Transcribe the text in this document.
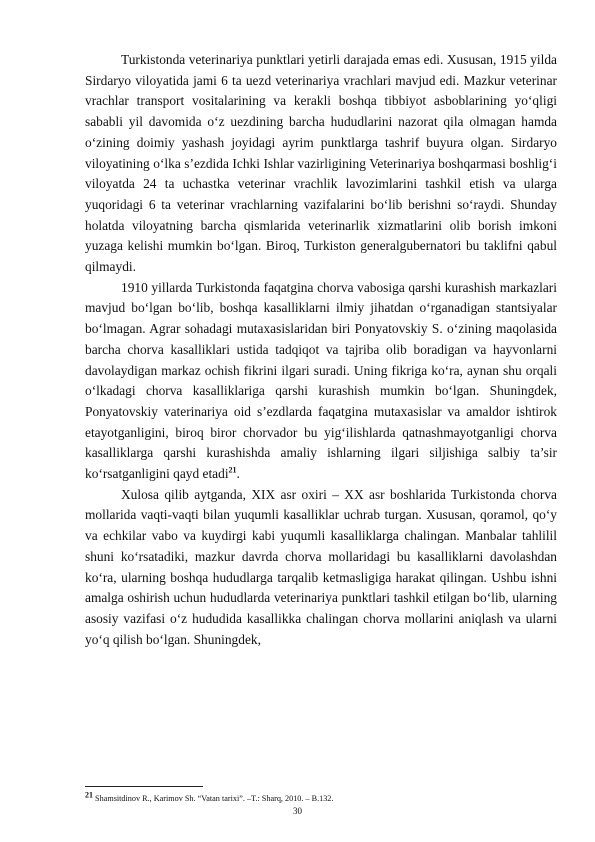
Turkistonda veterinariya punktlari yetirli darajada emas edi. Xususan, 1915 yilda Sirdaryo viloyatida jami 6 ta uezd veterinariya vrachlari mavjud edi. Mazkur veterinar vrachlar transport vositalarining va kerakli boshqa tibbiyot asboblarining yo‘qligi sababli yil davomida o‘z uezdining barcha hududlarini nazorat qila olmagan hamda o‘zining doimiy yashash joyidagi ayrim punktlarga tashrif buyura olgan. Sirdaryo viloyatining o‘lka s’ezdida Ichki Ishlar vazirligining Veterinariya boshqarmasi boshlig‘i viloyatda 24 ta uchastka veterinar vrachlik lavozimlarini tashkil etish va ularga yuqoridagi 6 ta veterinar vrachlarning vazifalarini bo‘lib berishni so‘raydi. Shunday holatda viloyatning barcha qismlarida veterinarlik xizmatlarini olib borish imkoni yuzaga kelishi mumkin bo‘lgan. Biroq, Turkiston generalgubernatori bu taklifni qabul qilmaydi.

1910 yillarda Turkistonda faqatgina chorva vabosiga qarshi kurashish markazlari mavjud bo‘lgan bo‘lib, boshqa kasalliklarni ilmiy jihatdan o‘rganadigan stantsiyalar bo‘lmagan. Agrar sohadagi mutaxasislaridan biri Ponyatovskiy S. o‘zining maqolasida barcha chorva kasalliklari ustida tadqiqot va tajriba olib boradigan va hayvonlarni davolaydigan markaz ochish fikrini ilgari suradi. Uning fikriga ko‘ra, aynan shu orqali o‘lkadagi chorva kasalliklariga qarshi kurashish mumkin bo‘lgan. Shuningdek, Ponyatovskiy vaterinariya oid s’ezdlarda faqatgina mutaxasislar va amaldor ishtirok etayotganligini, biroq biror chorvador bu yig‘ilishlarda qatnashmayotganligi chorva kasalliklarga qarshi kurashishda amaliy ishlarning ilgari siljishiga salbiy ta’sir ko‘rsatganligini qayd etadi$^{21}$.

Xulosa qilib aytganda, XIX asr oxiri – XX asr boshlarida Turkistonda chorva mollarida vaqti-vaqti bilan yuqumli kasalliklar uchrab turgan. Xususan, qoramol, qo‘y va echkilar vabo va kuydirgi kabi yuqumli kasalliklarga chalingan. Manbalar tahlilil shuni ko‘rsatadiki, mazkur davrda chorva mollaridagi bu kasalliklarni davolashdan ko‘ra, ularning boshqa hududlarga tarqalib ketmasligiga harakat qilingan. Ushbu ishni amalga oshirish uchun hududlarda veterinariya punktlari tashkil etilgan bo‘lib, ularning asosiy vazifasi o‘z hududida kasallikka chalingan chorva mollarini aniqlash va ularni yo‘q qilish bo‘lgan. Shuningdek,

$^{21}$ Shamsitdinov R., Karimov Sh. “Vatan tarixi”. –T.: Sharq, 2010. – B.132.
30
